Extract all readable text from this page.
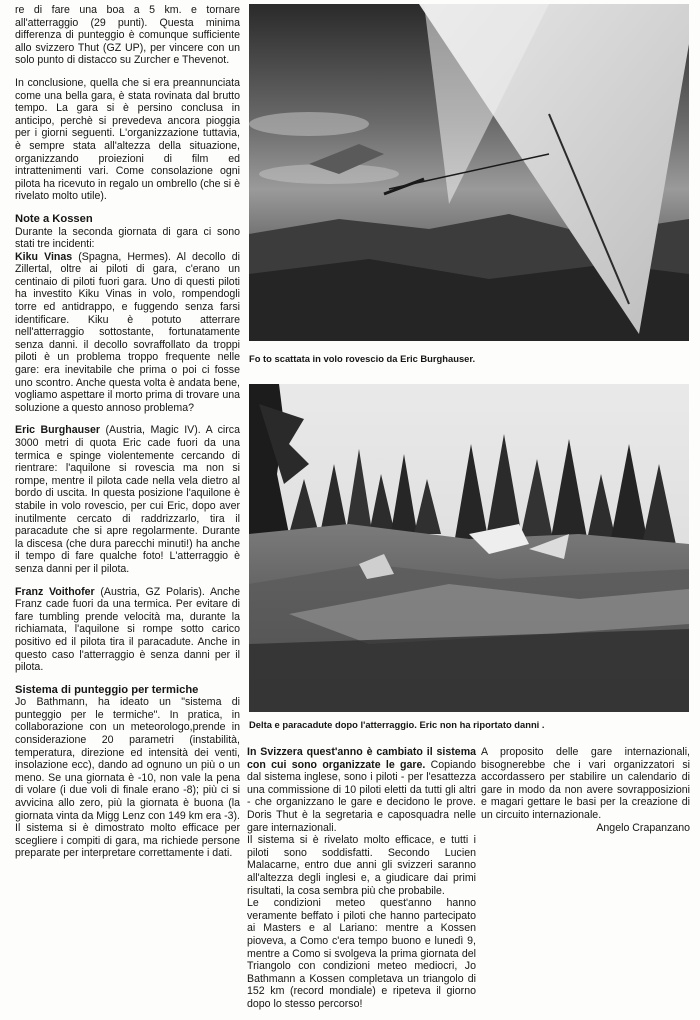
re di fare una boa a 5 km. e tornare all'atterraggio (29 punti). Questa minima differenza di punteggio è comunque sufficiente allo svizzero Thut (GZ UP), per vincere con un solo punto di distacco su Zurcher e Thevenot.

In conclusione, quella che si era preannunciata come una bella gara, è stata rovinata dal brutto tempo. La gara si è persino conclusa in anticipo, perchè si prevedeva ancora pioggia per i giorni seguenti. L'organizzazione tuttavia, è sempre stata all'altezza della situazione, organizzando proiezioni di film ed intrattenimenti vari. Come consolazione ogni pilota ha ricevuto in regalo un ombrello (che si è rivelato molto utile).

Note a Kossen

Durante la seconda giornata di gara ci sono stati tre incidenti:

Kiku Vinas (Spagna, Hermes). Al decollo di Zillertal, oltre ai piloti di gara, c'erano un centinaio di piloti fuori gara. Uno di questi piloti ha investito Kiku Vinas in volo, rompendogli torre ed antidrappo, e fuggendo senza farsi identificare. Kiku è potuto atterrare nell'atterraggio sottostante, fortunatamente senza danni. il decollo sovraffollato da troppi piloti è un problema troppo frequente nelle gare: era inevitabile che prima o poi ci fosse uno scontro. Anche questa volta è andata bene, vogliamo aspettare il morto prima di trovare una soluzione a questo annoso problema?

Eric Burghauser (Austria, Magic IV). A circa 3000 metri di quota Eric cade fuori da una termica e spinge violentemente cercando di rientrare: l'aquilone si rovescia ma non si rompe, mentre il pilota cade nella vela dietro al bordo di uscita. In questa posizione l'aquilone è stabile in volo rovescio, per cui Eric, dopo aver inutilmente cercato di raddrizzarlo, tira il paracadute che si apre regolarmente. Durante la discesa (che dura parecchi minuti!) ha anche il tempo di fare qualche foto! L'atterraggio è senza danni per il pilota.

Franz Voithofer (Austria, GZ Polaris). Anche Franz cade fuori da una termica. Per evitare di fare tumbling prende velocità ma, durante la richiamata, l'aquilone si rompe sotto carico positivo ed il pilota tira il paracadute. Anche in questo caso l'atterraggio è senza danni per il pilota.

Sistema di punteggio per termiche

Jo Bathmann, ha ideato un "sistema di punteggio per le termiche". In pratica, in collaborazione con un meteorologo,prende in considerazione 20 parametri (instabilità, temperatura, direzione ed intensità dei venti, insolazione ecc), dando ad ognuno un più o un meno. Se una giornata è -10, non vale la pena di volare (i due voli di finale erano -8); più ci si avvicina allo zero, più la giornata è buona (la giornata vinta da Migg Lenz con 149 km era -3). Il sistema si è dimostrato molto efficace per scegliere i compiti di gara, ma richiede persone preparate per interpretare correttamente i dati.

Fo to scattata in volo rovescio da Eric Burghauser.
Delta e paracadute dopo l'atterraggio. Eric non ha riportato danni .

In Svizzera quest'anno è cambiato il sistema con cui sono organizzate le gare. Copiando dal sistema inglese, sono i piloti - per l'esattezza una commissione di 10 piloti eletti da tutti gli altri - che organizzano le gare e decidono le prove. Doris Thut è la segretaria e caposquadra nelle gare internazionali.

Il sistema si è rivelato molto efficace, e tutti i piloti sono soddisfatti. Secondo Lucien Malacarne, entro due anni gli svizzeri saranno all'altezza degli inglesi e, a giudicare dai primi risultati, la cosa sembra più che probabile.

Le condizioni meteo quest'anno hanno veramente beffato i piloti che hanno partecipato ai Masters e al Lariano: mentre a Kossen pioveva, a Como c'era tempo buono e lunedì 9, mentre a Como si svolgeva la prima giornata del Triangolo con condizioni meteo mediocri, Jo Bathmann a Kossen completava un triangolo di 152 km (record mondiale) e ripeteva il giorno dopo lo stesso percorso!

A proposito delle gare internazionali, bisognerebbe che i vari organizzatori si accordassero per stabilire un calendario di gare in modo da non avere sovrapposizioni e magari gettare le basi per la creazione di un circuito internazionale.

Angelo Crapanzano
